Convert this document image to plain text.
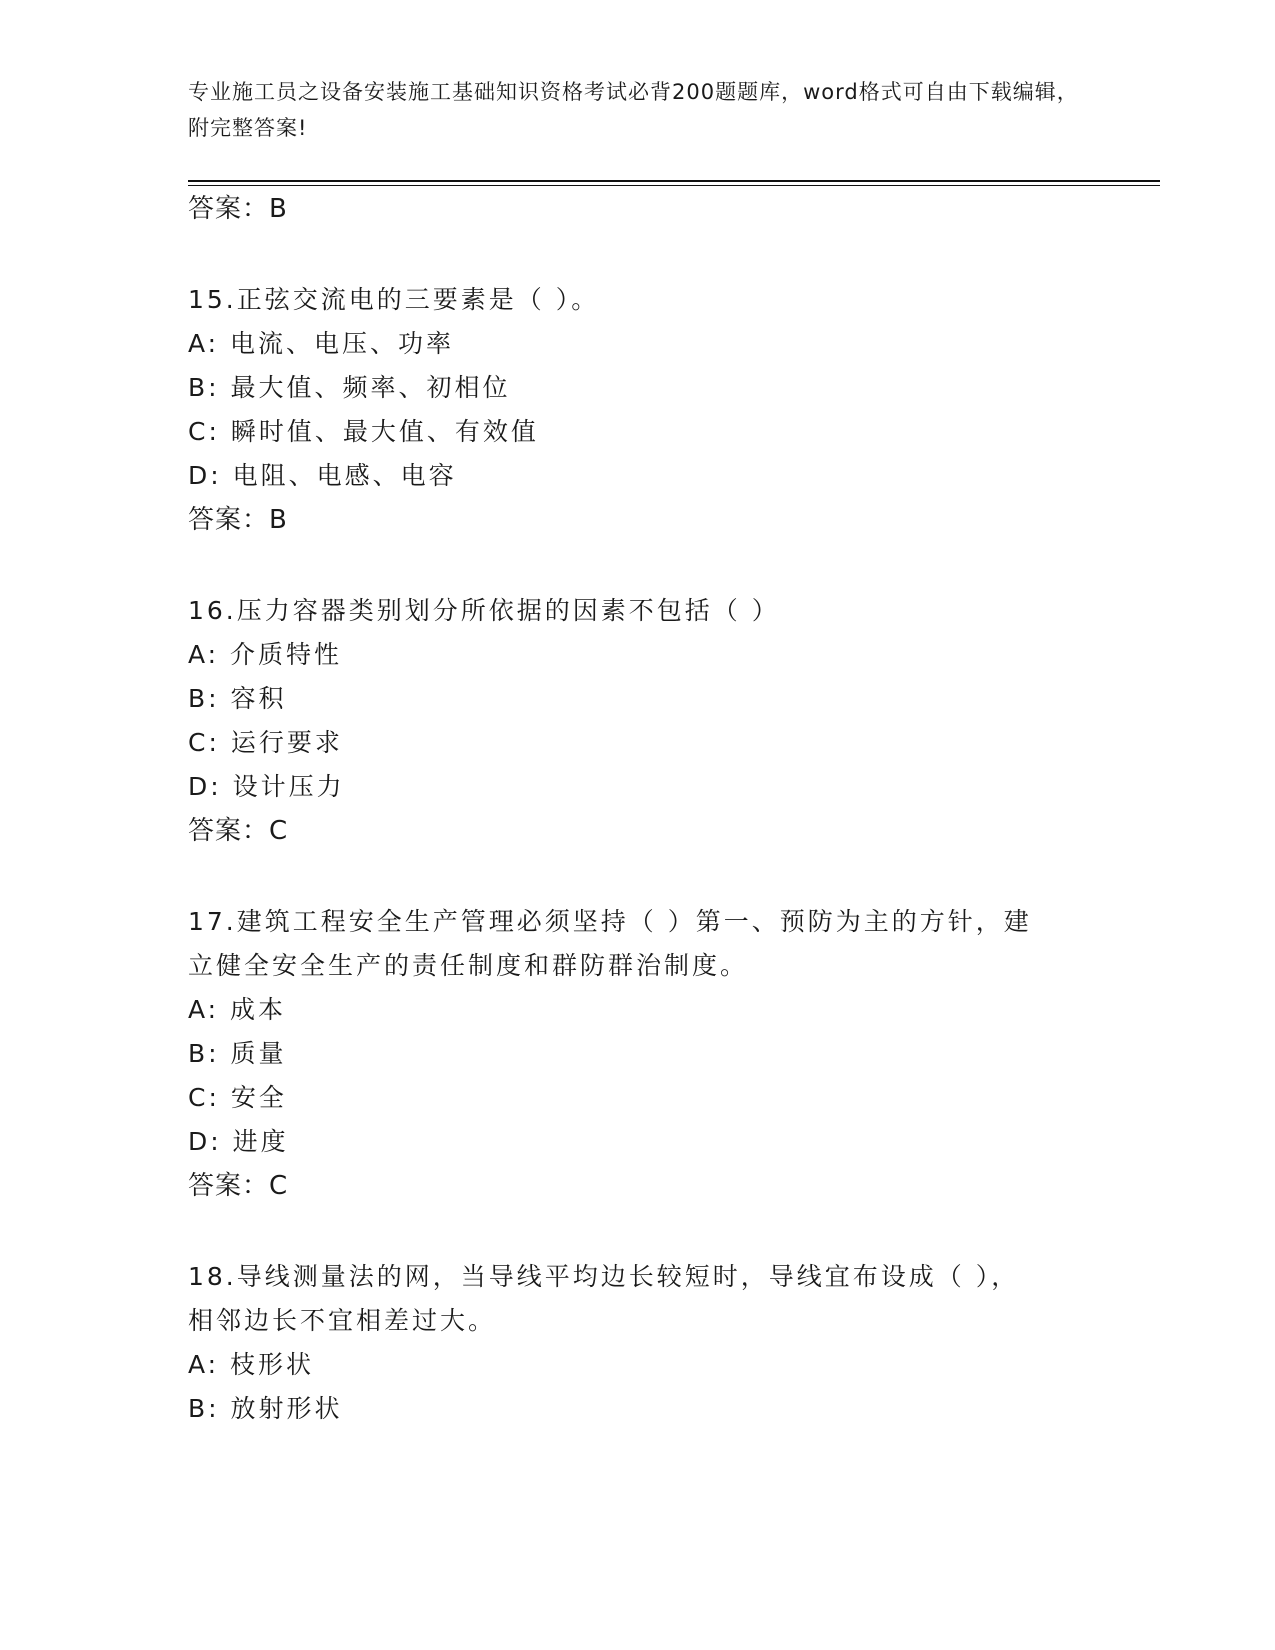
专业施工员之设备安装施工基础知识资格考试必背200题题库，word格式可自由下载编辑，附完整答案!
答案：B
15.正弦交流电的三要素是（ ）。
A: 电流、电压、功率
B: 最大值、频率、初相位
C: 瞬时值、最大值、有效值
D: 电阻、电感、电容
答案：B
16.压力容器类别划分所依据的因素不包括（ ）
A: 介质特性
B: 容积
C: 运行要求
D: 设计压力
答案：C
17.建筑工程安全生产管理必须坚持（ ）第一、预防为主的方针，建
立健全安全生产的责任制度和群防群治制度。
A: 成本
B: 质量
C: 安全
D: 进度
答案：C
18.导线测量法的网，当导线平均边长较短时，导线宜布设成（ ），
相邻边长不宜相差过大。
A: 枝形状
B: 放射形状
